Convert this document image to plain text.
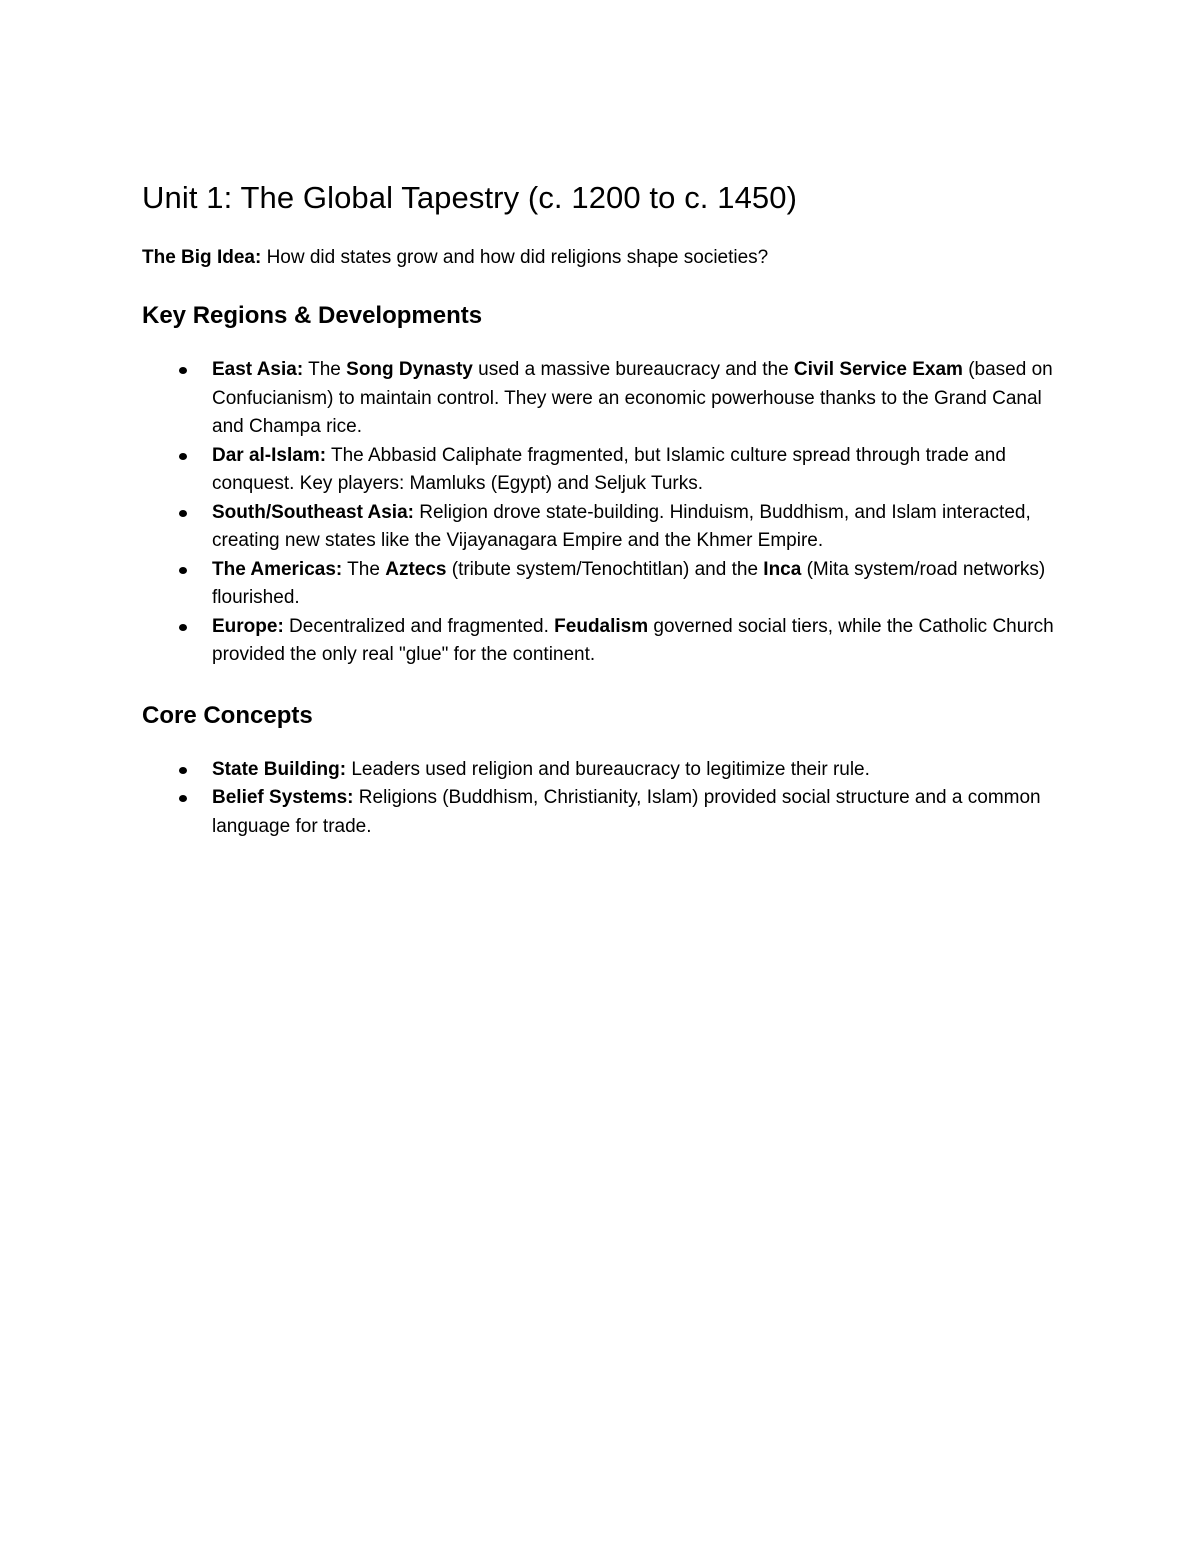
Unit 1: The Global Tapestry (c. 1200 to c. 1450)

The Big Idea: How did states grow and how did religions shape societies?

Key Regions & Developments
East Asia: The Song Dynasty used a massive bureaucracy and the Civil Service Exam (based on Confucianism) to maintain control. They were an economic powerhouse thanks to the Grand Canal and Champa rice.
Dar al-Islam: The Abbasid Caliphate fragmented, but Islamic culture spread through trade and conquest. Key players: Mamluks (Egypt) and Seljuk Turks.
South/Southeast Asia: Religion drove state-building. Hinduism, Buddhism, and Islam interacted, creating new states like the Vijayanagara Empire and the Khmer Empire.
The Americas: The Aztecs (tribute system/Tenochtitlan) and the Inca (Mita system/road networks) flourished.
Europe: Decentralized and fragmented. Feudalism governed social tiers, while the Catholic Church provided the only real "glue" for the continent.
Core Concepts
State Building: Leaders used religion and bureaucracy to legitimize their rule.
Belief Systems: Religions (Buddhism, Christianity, Islam) provided social structure and a common language for trade.
